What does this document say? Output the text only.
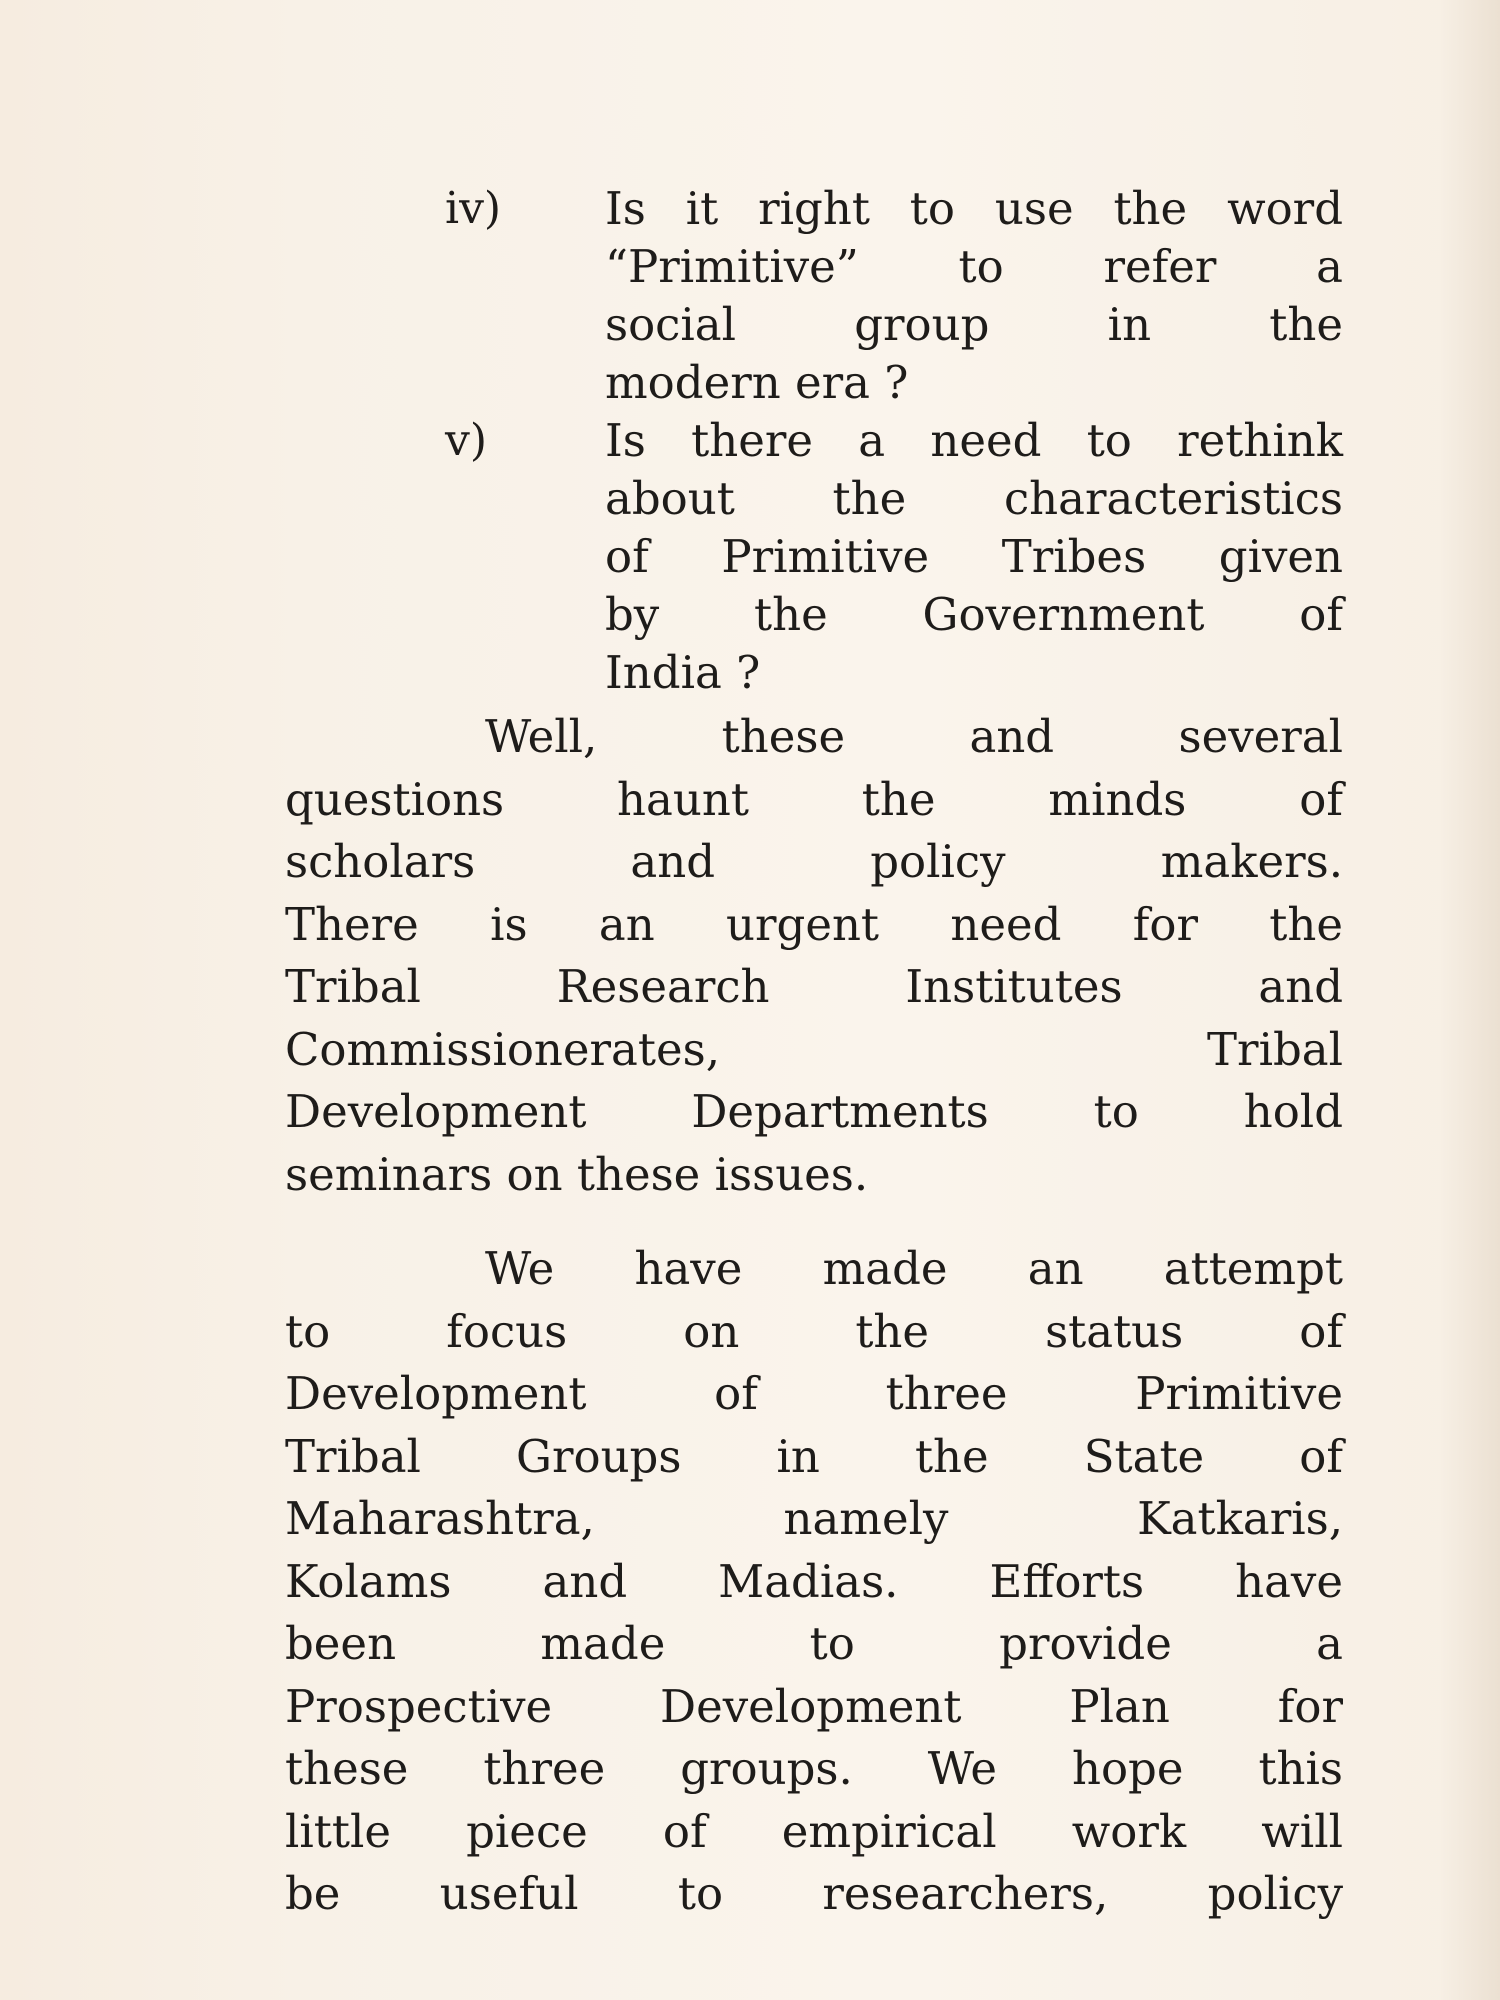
iv) Is it right to use the word
“Primitive” to refer a
social group in the
modern era ?
v)	Is there a need to rethink
about the characteristics
of Primitive Tribes given
by the Government of
India ?
Well, these and several
questions haunt the minds of
scholars and policy makers.
There is an urgent need for the
Tribal Research Institutes and
Commissionerates, Tribal
Development Departments to hold
seminars on these issues.
We have made an attempt
to focus on the status of
Development of three Primitive
Tribal Groups in the State of
Maharashtra, namely Katkaris,
Kolams and Madias. Efforts have
been made to provide a
Prospective Development Plan for
these three groups. We hope this
little piece of empirical work will
be useful to researchers, policy
